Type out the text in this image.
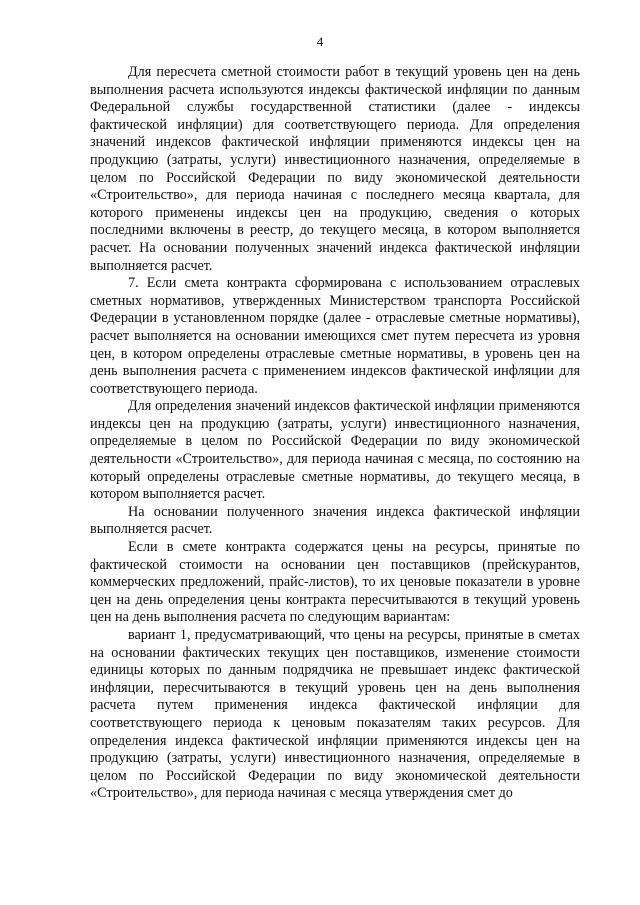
4

Для пересчета сметной стоимости работ в текущий уровень цен на день выполнения расчета используются индексы фактической инфляции по данным Федеральной службы государственной статистики (далее - индексы фактической инфляции) для соответствующего периода. Для определения значений индексов фактической инфляции применяются индексы цен на продукцию (затраты, услуги) инвестиционного назначения, определяемые в целом по Российской Федерации по виду экономической деятельности «Строительство», для периода начиная с последнего месяца квартала, для которого применены индексы цен на продукцию, сведения о которых последними включены в реестр, до текущего месяца, в котором выполняется расчет. На основании полученных значений индекса фактической инфляции выполняется расчет.

7. Если смета контракта сформирована с использованием отраслевых сметных нормативов, утвержденных Министерством транспорта Российской Федерации в установленном порядке (далее - отраслевые сметные нормативы), расчет выполняется на основании имеющихся смет путем пересчета из уровня цен, в котором определены отраслевые сметные нормативы, в уровень цен на день выполнения расчета с применением индексов фактической инфляции для соответствующего периода.

Для определения значений индексов фактической инфляции применяются индексы цен на продукцию (затраты, услуги) инвестиционного назначения, определяемые в целом по Российской Федерации по виду экономической деятельности «Строительство», для периода начиная с месяца, по состоянию на который определены отраслевые сметные нормативы, до текущего месяца, в котором выполняется расчет.

На основании полученного значения индекса фактической инфляции выполняется расчет.

Если в смете контракта содержатся цены на ресурсы, принятые по фактической стоимости на основании цен поставщиков (прейскурантов, коммерческих предложений, прайс-листов), то их ценовые показатели в уровне цен на день определения цены контракта пересчитываются в текущий уровень цен на день выполнения расчета по следующим вариантам:

вариант 1, предусматривающий, что цены на ресурсы, принятые в сметах на основании фактических текущих цен поставщиков, изменение стоимости единицы которых по данным подрядчика не превышает индекс фактической инфляции, пересчитываются в текущий уровень цен на день выполнения расчета путем применения индекса фактической инфляции для соответствующего периода к ценовым показателям таких ресурсов. Для определения индекса фактической инфляции применяются индексы цен на продукцию (затраты, услуги) инвестиционного назначения, определяемые в целом по Российской Федерации по виду экономической деятельности «Строительство», для периода начиная с месяца утверждения смет до
